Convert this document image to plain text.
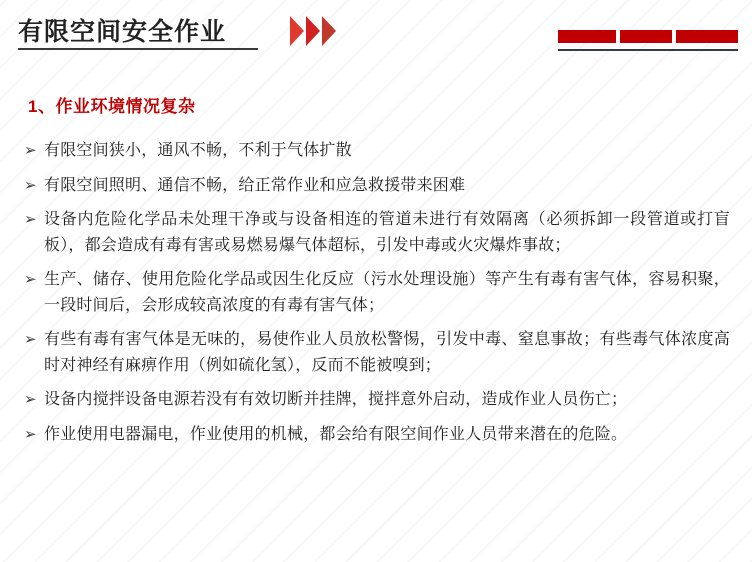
有限空间安全作业
1、作业环境情况复杂
➢ 有限空间狭小，通风不畅，不利于气体扩散
➢ 有限空间照明、通信不畅，给正常作业和应急救援带来困难
➢ 设备内危险化学品未处理干净或与设备相连的管道未进行有效隔离（必须拆卸一段管道或打盲板），都会造成有毒有害或易燃易爆气体超标，引发中毒或火灾爆炸事故；
➢ 生产、储存、使用危险化学品或因生化反应（污水处理设施）等产生有毒有害气体，容易积聚，一段时间后，会形成较高浓度的有毒有害气体；
➢ 有些有毒有害气体是无味的，易使作业人员放松警惕，引发中毒、窒息事故；有些毒气体浓度高时对神经有麻痹作用（例如硫化氢），反而不能被嗅到；
➢ 设备内搅拌设备电源若没有有效切断并挂牌，搅拌意外启动，造成作业人员伤亡；
➢ 作业使用电器漏电，作业使用的机械，都会给有限空间作业人员带来潜在的危险。
